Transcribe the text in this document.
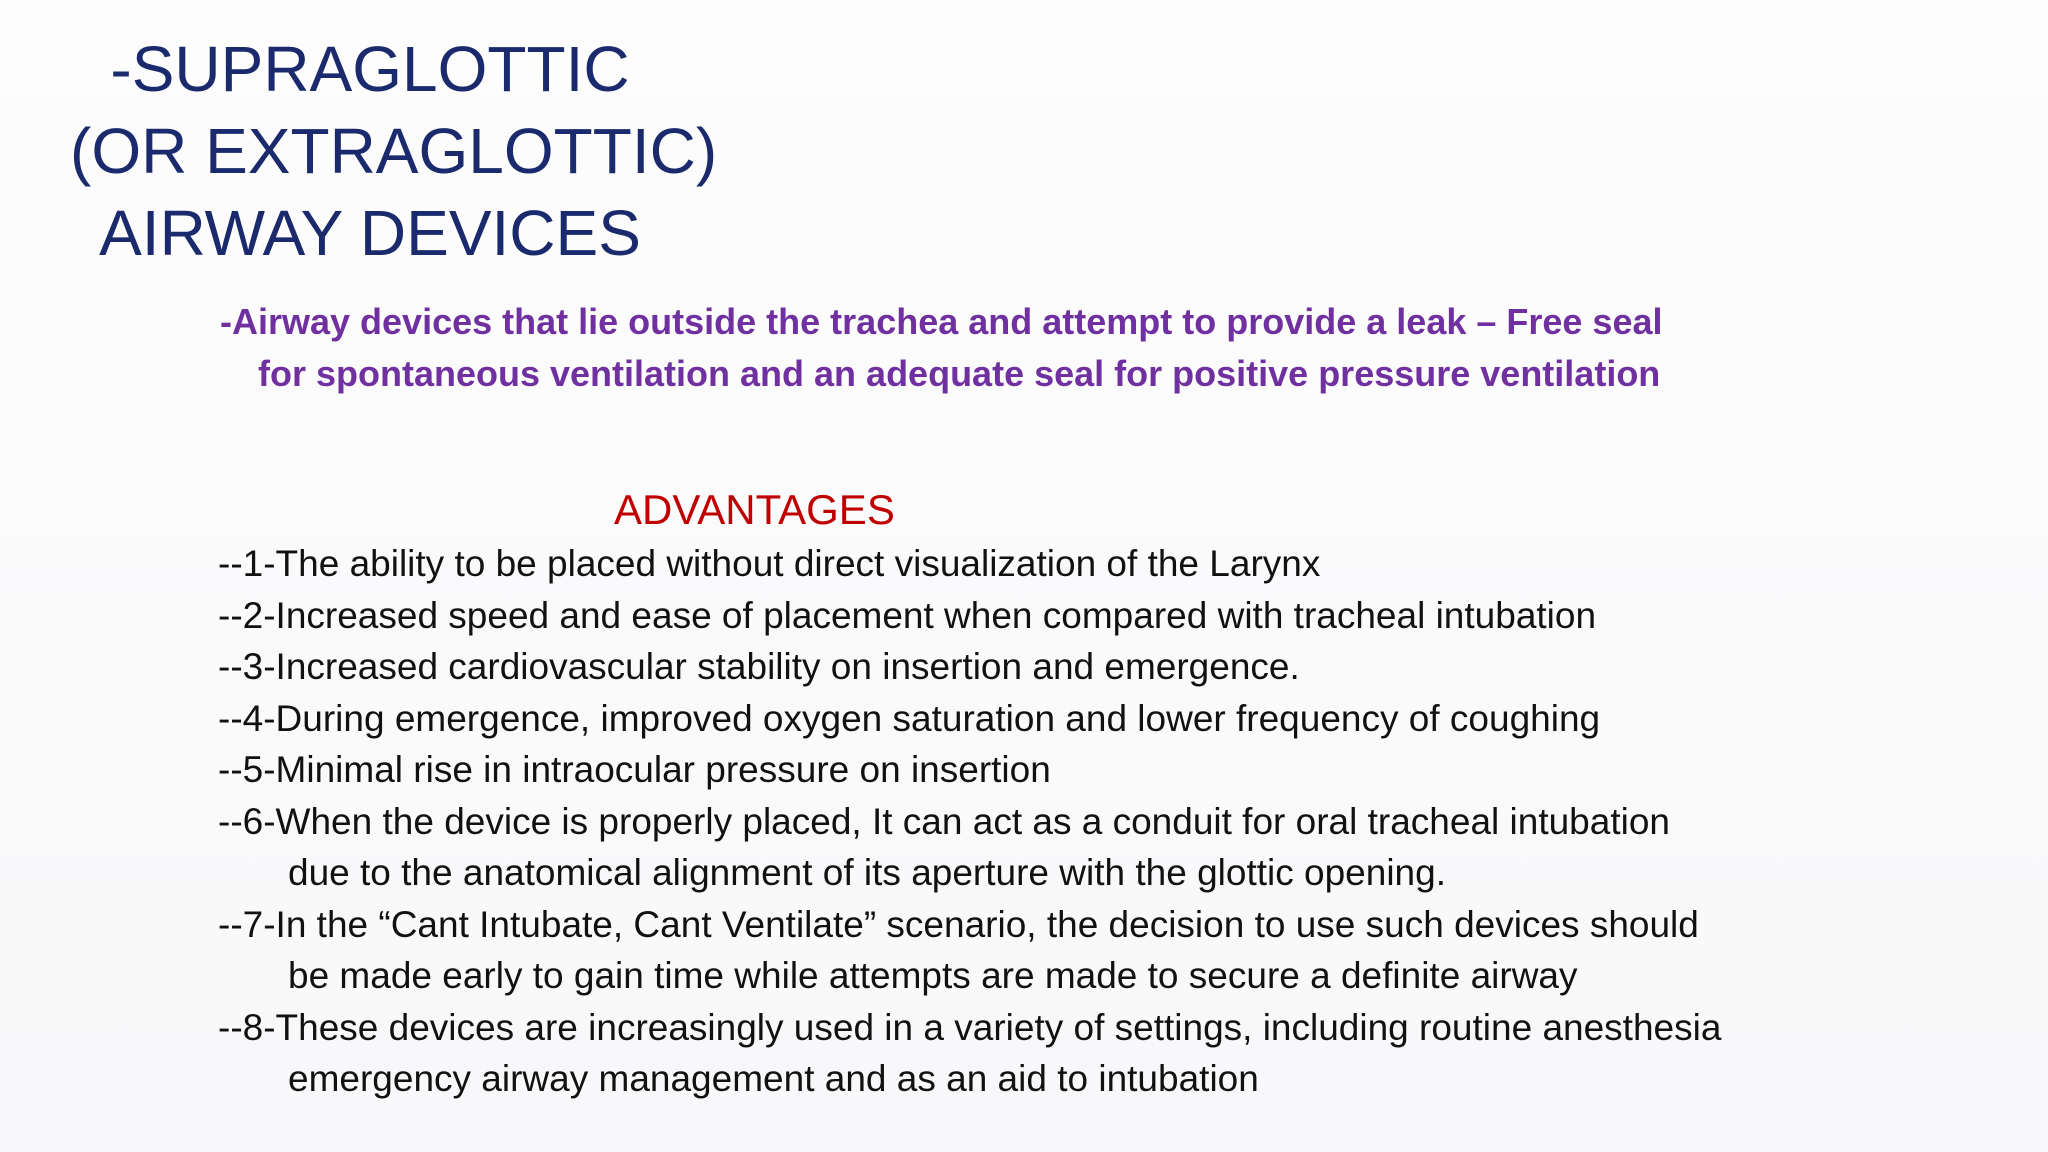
-SUPRAGLOTTIC
(OR EXTRAGLOTTIC)
AIRWAY DEVICES
-Airway devices that lie outside the trachea and attempt to provide a leak – Free seal
for spontaneous ventilation and an adequate seal for positive pressure ventilation
ADVANTAGES
--1-The ability to be placed without direct visualization of the Larynx
--2-Increased speed and ease of placement when compared with tracheal intubation
--3-Increased cardiovascular stability on insertion and emergence.
--4-During emergence, improved oxygen saturation and lower frequency of coughing
--5-Minimal rise in intraocular pressure on insertion
--6-When the device is properly placed, It can act as a conduit for oral tracheal intubation
due to the anatomical alignment of its aperture with the glottic opening.
--7-In the “Cant Intubate, Cant Ventilate” scenario, the decision to use such devices should
be made early to gain time while attempts are made to secure a definite airway
--8-These devices are increasingly used in a variety of settings, including routine anesthesia
emergency airway management and as an aid to intubation
